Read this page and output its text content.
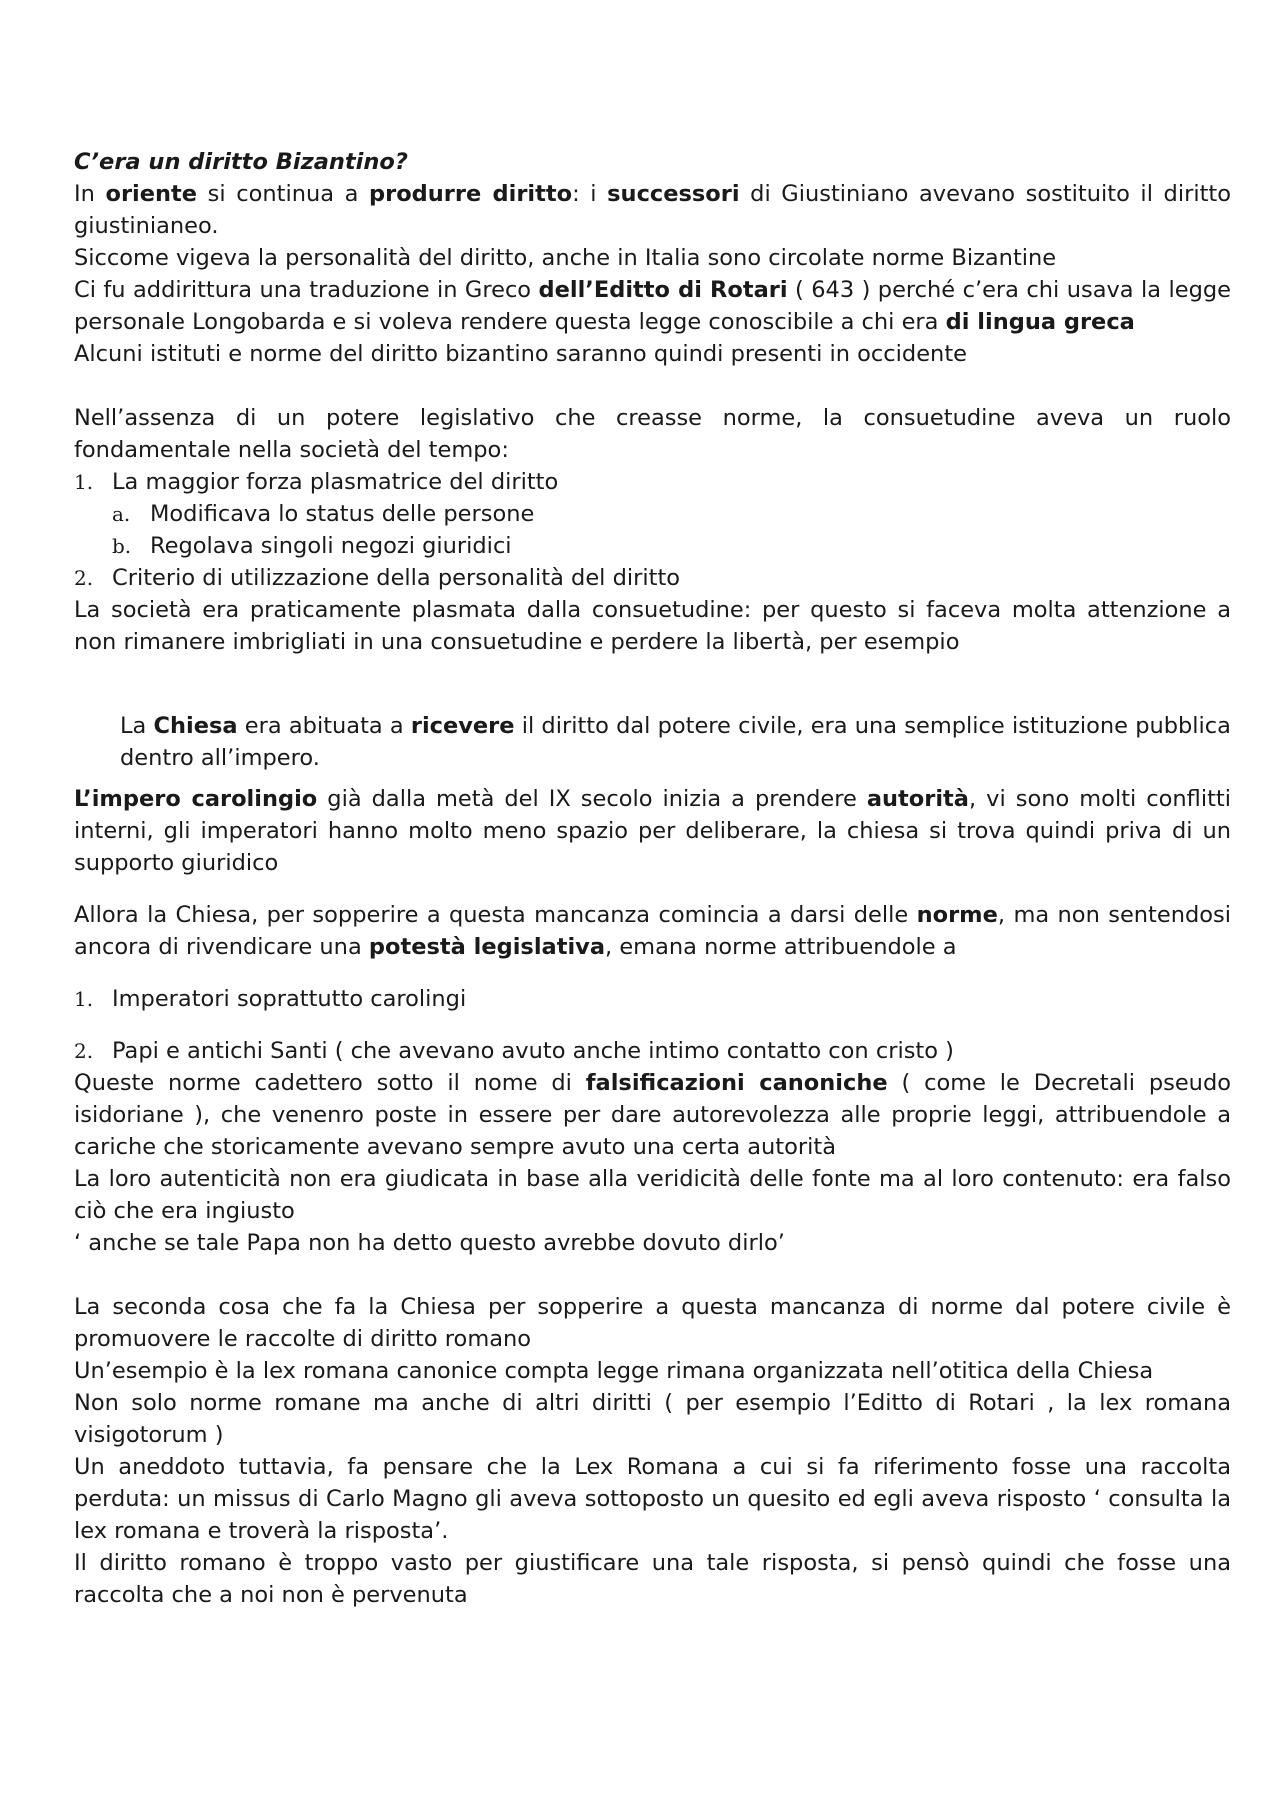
C’era un diritto Bizantino?

In oriente si continua a produrre diritto: i successori di Giustiniano avevano sostituito il diritto giustinianeo.

Siccome vigeva la personalità del diritto, anche in Italia sono circolate norme Bizantine

Ci fu addirittura una traduzione in Greco dell’Editto di Rotari ( 643 ) perché c’era chi usava la legge personale Longobarda e si voleva rendere questa legge conoscibile a chi era di lingua greca

Alcuni istituti e norme del diritto bizantino saranno quindi presenti in occidente

Nell’assenza di un potere legislativo che creasse norme, la consuetudine aveva un ruolo fondamentale nella società del tempo:

1. La maggior forza plasmatrice del diritto
a. Modificava lo status delle persone
b. Regolava singoli negozi giuridici
2. Criterio di utilizzazione della personalità del diritto

La società era praticamente plasmata dalla consuetudine: per questo si faceva molta attenzione a non rimanere imbrigliati in una consuetudine e perdere la libertà, per esempio

La Chiesa era abituata a ricevere il diritto dal potere civile, era una semplice istituzione pubblica dentro all’impero.

L’impero carolingio già dalla metà del IX secolo inizia a prendere autorità, vi sono molti conflitti interni, gli imperatori hanno molto meno spazio per deliberare, la chiesa si trova quindi priva di un supporto giuridico

Allora la Chiesa, per sopperire a questa mancanza comincia a darsi delle norme, ma non sentendosi ancora di rivendicare una potestà legislativa, emana norme attribuendole a

1. Imperatori soprattutto carolingi
2. Papi e antichi Santi ( che avevano avuto anche intimo contatto con cristo )

Queste norme cadettero sotto il nome di falsificazioni canoniche ( come le Decretali pseudo isidoriane ), che venenro poste in essere per dare autorevolezza alle proprie leggi, attribuendole a cariche che storicamente avevano sempre avuto una certa autorità

La loro autenticità non era giudicata in base alla veridicità delle fonte ma al loro contenuto: era falso ciò che era ingiusto

‘ anche se tale Papa non ha detto questo avrebbe dovuto dirlo’

La seconda cosa che fa la Chiesa per sopperire a questa mancanza di norme dal potere civile è promuovere le raccolte di diritto romano

Un’esempio è la lex romana canonice compta legge rimana organizzata nell’otitica della Chiesa

Non solo norme romane ma anche di altri diritti ( per esempio l’Editto di Rotari , la lex romana visigotorum )

Un aneddoto tuttavia, fa pensare che la Lex Romana a cui si fa riferimento fosse una raccolta perduta: un missus di Carlo Magno gli aveva sottoposto un quesito ed egli aveva risposto ‘ consulta la lex romana e troverà la risposta’.

Il diritto romano è troppo vasto per giustificare una tale risposta, si pensò quindi che fosse una raccolta che a noi non è pervenuta
